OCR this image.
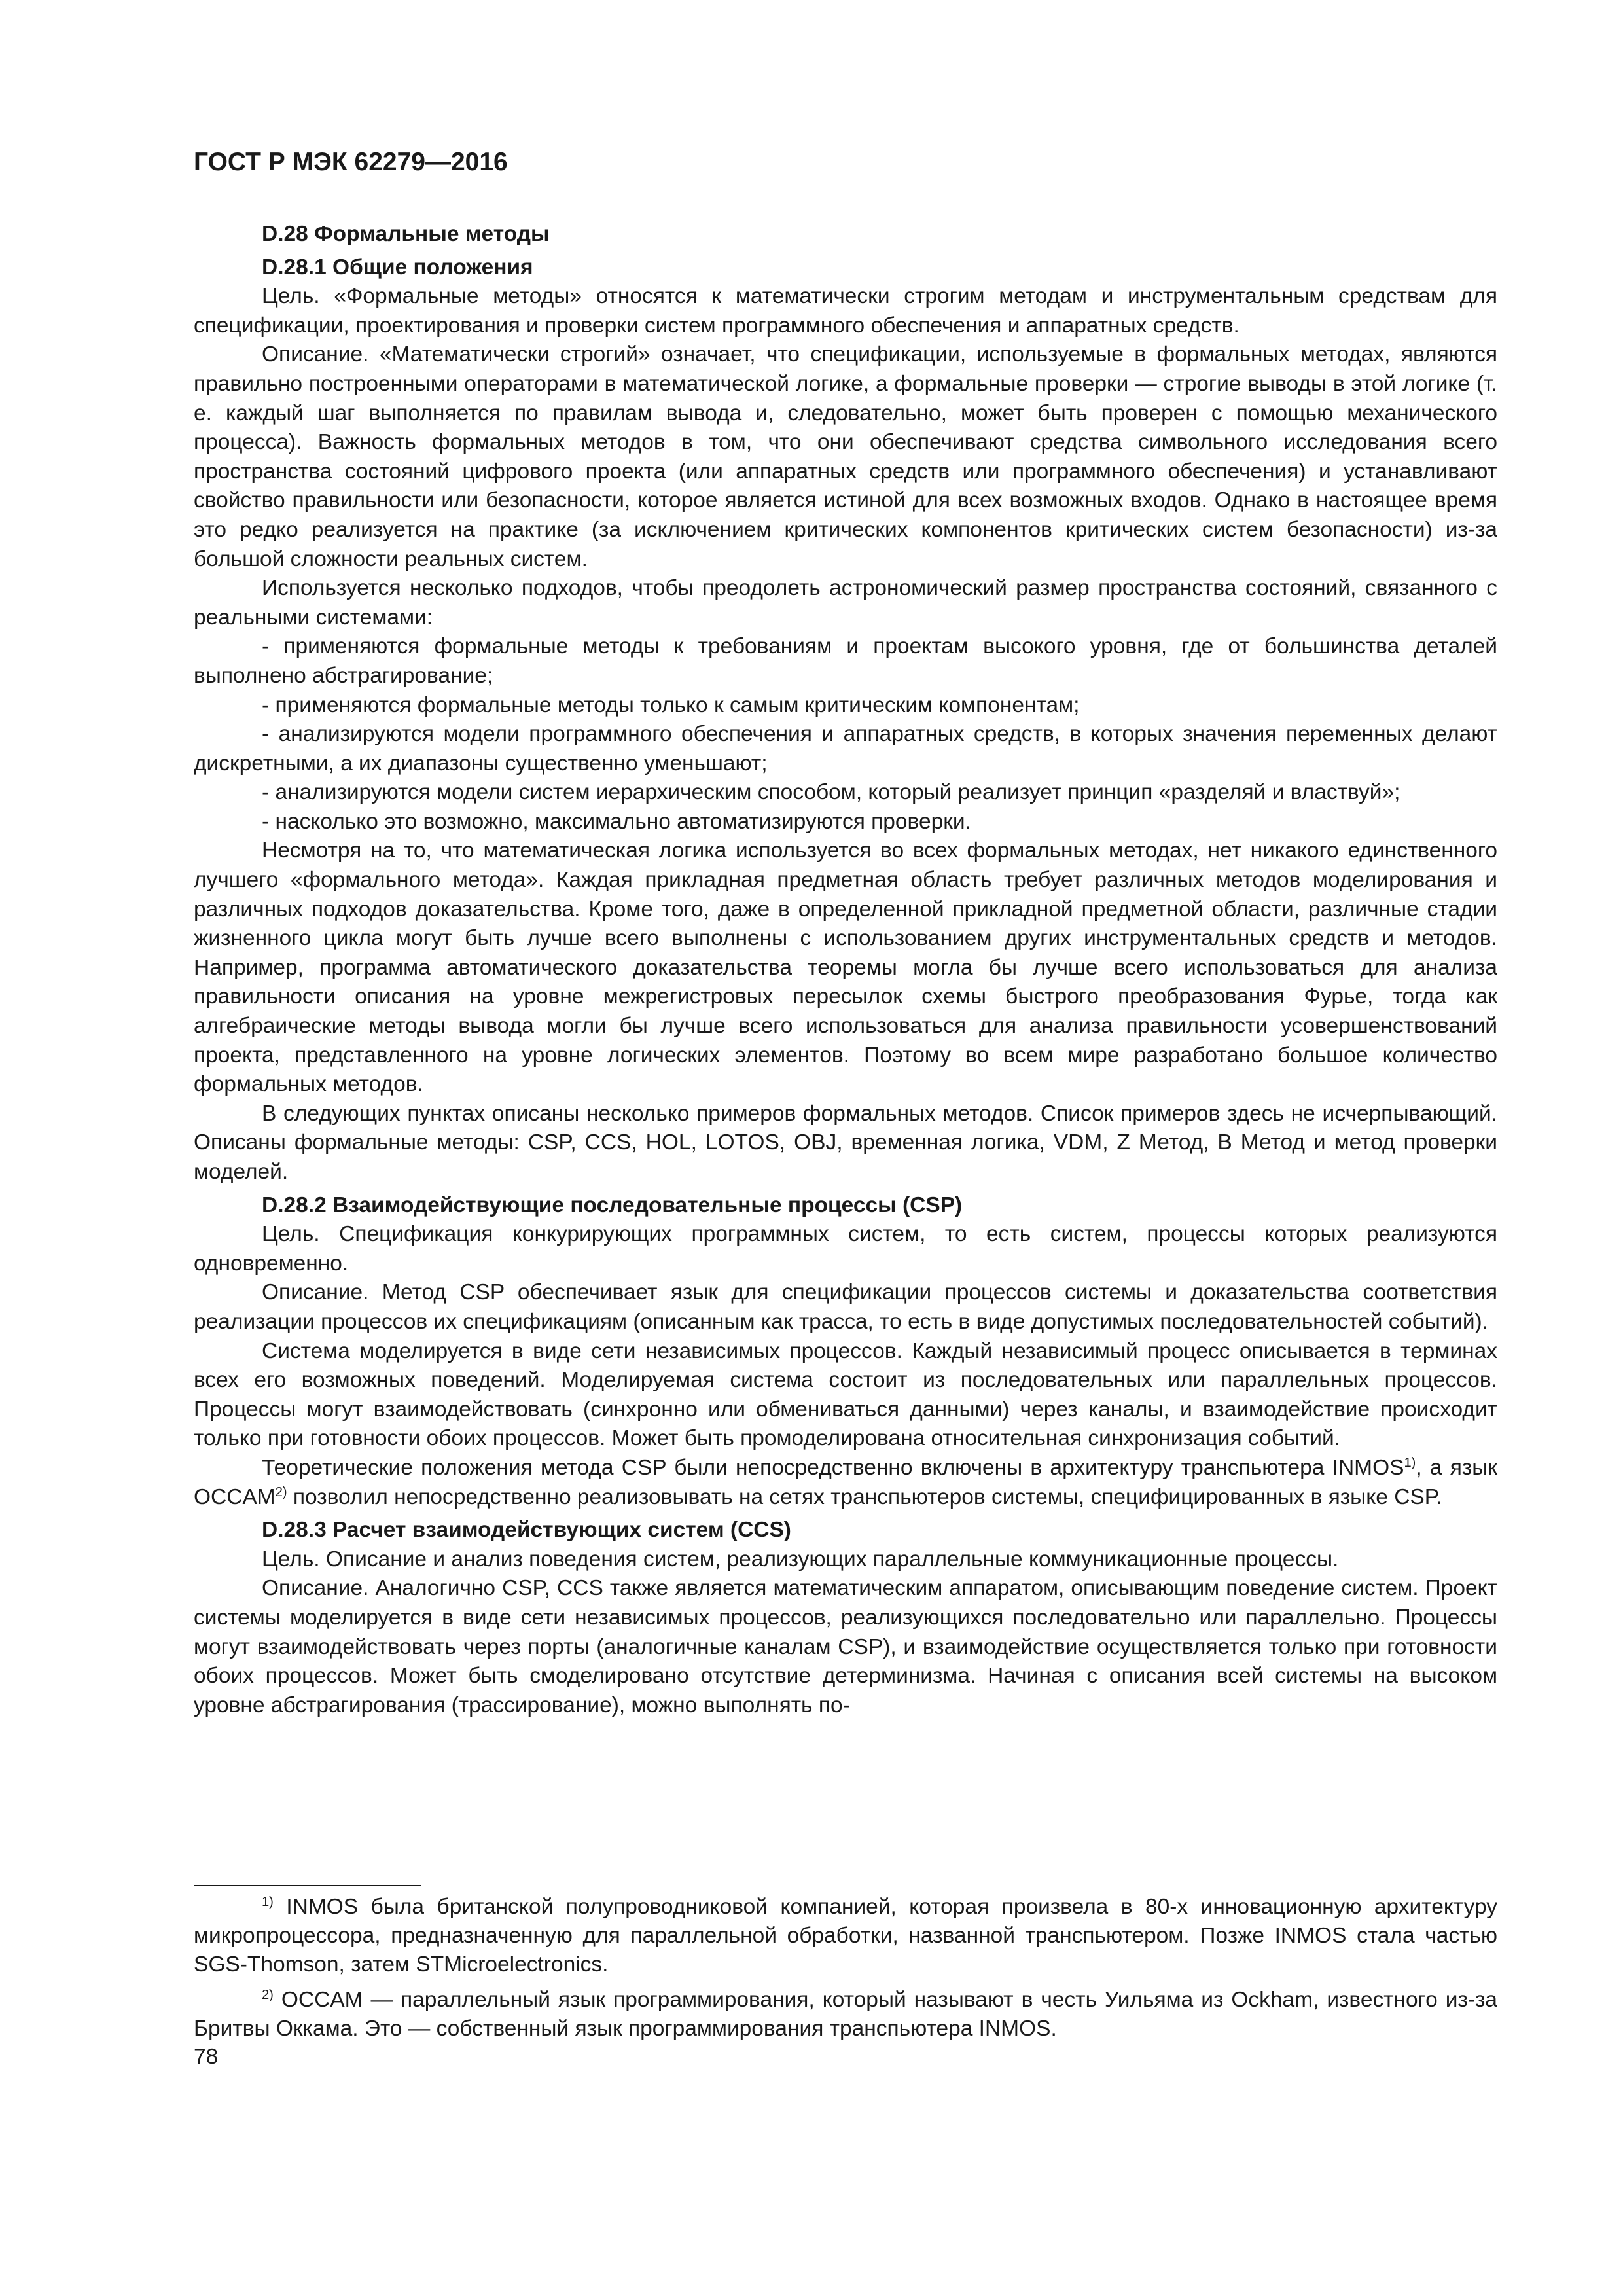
ГОСТ Р МЭК 62279—2016

D.28 Формальные методы

D.28.1 Общие положения

Цель. «Формальные методы» относятся к математически строгим методам и инструментальным средствам для спецификации, проектирования и проверки систем программного обеспечения и аппаратных средств.

Описание. «Математически строгий» означает, что спецификации, используемые в формальных методах, являются правильно построенными операторами в математической логике, а формальные проверки — строгие выводы в этой логике (т. е. каждый шаг выполняется по правилам вывода и, следовательно, может быть проверен с помощью механического процесса). Важность формальных методов в том, что они обеспечивают средства символьного исследования всего пространства состояний цифрового проекта (или аппаратных средств или программного обеспечения) и устанавливают свойство правильности или безопасности, которое является истиной для всех возможных входов. Однако в настоящее время это редко реализуется на практике (за исключением критических компонентов критических систем безопасности) из-за большой сложности реальных систем.

Используется несколько подходов, чтобы преодолеть астрономический размер пространства состояний, связанного с реальными системами:

- применяются формальные методы к требованиям и проектам высокого уровня, где от большинства деталей выполнено абстрагирование;

- применяются формальные методы только к самым критическим компонентам;

- анализируются модели программного обеспечения и аппаратных средств, в которых значения переменных делают дискретными, а их диапазоны существенно уменьшают;

- анализируются модели систем иерархическим способом, который реализует принцип «разделяй и властвуй»;

- насколько это возможно, максимально автоматизируются проверки.

Несмотря на то, что математическая логика используется во всех формальных методах, нет никакого единственного лучшего «формального метода». Каждая прикладная предметная область требует различных методов моделирования и различных подходов доказательства. Кроме того, даже в определенной прикладной предметной области, различные стадии жизненного цикла могут быть лучше всего выполнены с использованием других инструментальных средств и методов. Например, программа автоматического доказательства теоремы могла бы лучше всего использоваться для анализа правильности описания на уровне межрегистровых пересылок схемы быстрого преобразования Фурье, тогда как алгебраические методы вывода могли бы лучше всего использоваться для анализа правильности усовершенствований проекта, представленного на уровне логических элементов. Поэтому во всем мире разработано большое количество формальных методов.

В следующих пунктах описаны несколько примеров формальных методов. Список примеров здесь не исчерпывающий. Описаны формальные методы: CSP, CCS, HOL, LOTOS, OBJ, временная логика, VDM, Z Метод, В Метод и метод проверки моделей.

D.28.2 Взаимодействующие последовательные процессы (CSP)

Цель. Спецификация конкурирующих программных систем, то есть систем, процессы которых реализуются одновременно.

Описание. Метод CSP обеспечивает язык для спецификации процессов системы и доказательства соответствия реализации процессов их спецификациям (описанным как трасса, то есть в виде допустимых последовательностей событий).

Система моделируется в виде сети независимых процессов. Каждый независимый процесс описывается в терминах всех его возможных поведений. Моделируемая система состоит из последовательных или параллельных процессов. Процессы могут взаимодействовать (синхронно или обмениваться данными) через каналы, и взаимодействие происходит только при готовности обоих процессов. Может быть промоделирована относительная синхронизация событий.

Теоретические положения метода CSP были непосредственно включены в архитектуру транспьютера INMOS$^{1)}$, а язык OCCAM$^{2)}$ позволил непосредственно реализовывать на сетях транспьютеров системы, специфицированных в языке CSP.

D.28.3 Расчет взаимодействующих систем (CCS)

Цель. Описание и анализ поведения систем, реализующих параллельные коммуникационные процессы.

Описание. Аналогично CSP, CCS также является математическим аппаратом, описывающим поведение систем. Проект системы моделируется в виде сети независимых процессов, реализующихся последовательно или параллельно. Процессы могут взаимодействовать через порты (аналогичные каналам CSP), и взаимодействие осуществляется только при готовности обоих процессов. Может быть смоделировано отсутствие детерминизма. Начиная с описания всей системы на высоком уровне абстрагирования (трассирование), можно выполнять по-

$^{1)}$ INMOS была британской полупроводниковой компанией, которая произвела в 80-х инновационную архитектуру микропроцессора, предназначенную для параллельной обработки, названной транспьютером. Позже INMOS стала частью SGS-Thomson, затем STMicroelectronics.

$^{2)}$ OCCAM — параллельный язык программирования, который называют в честь Уильяма из Ockham, известного из-за Бритвы Оккама. Это — собственный язык программирования транспьютера INMOS.

78
